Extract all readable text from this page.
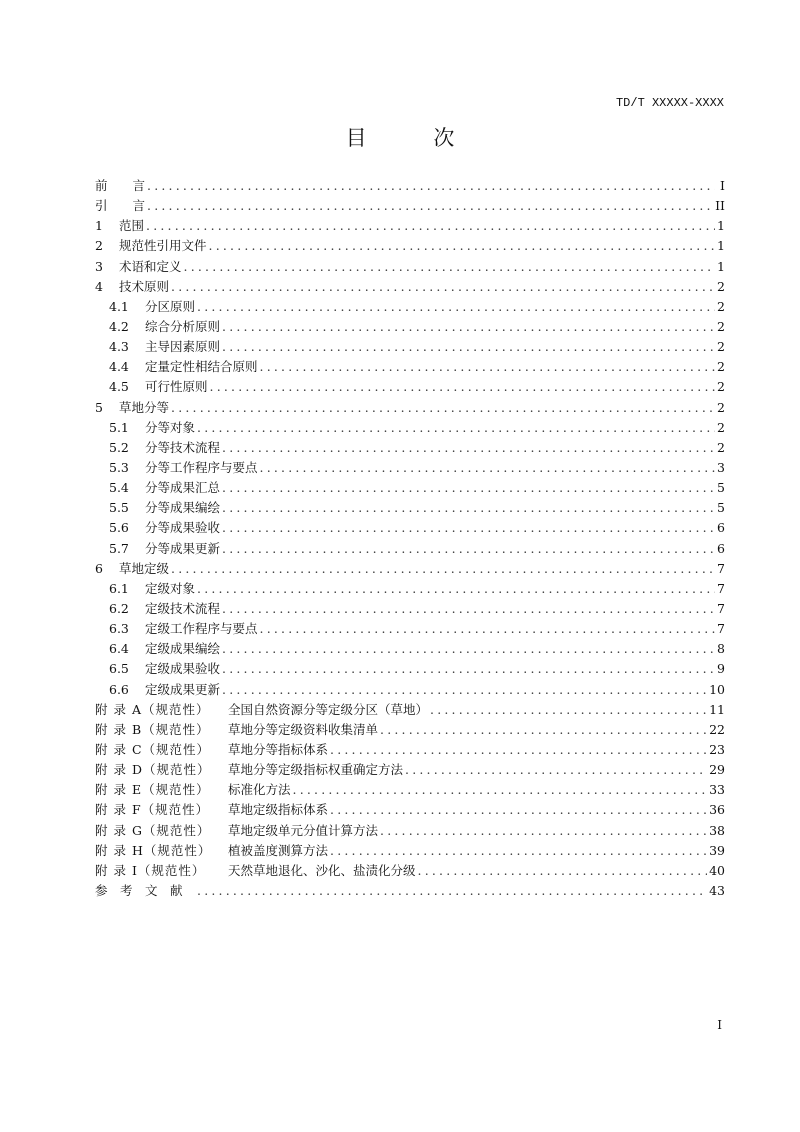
TD/T XXXXX-XXXX
目 次
前　　言 .....	I
引　　言 .....	II
1	范围 .....	1
2	规范性引用文件 .....	1
3	术语和定义 .....	1
4	技术原则 .....	2
4.1	分区原则 .....	2
4.2	综合分析原则 .....	2
4.3	主导因素原则 .....	2
4.4	定量定性相结合原则 .....	2
4.5	可行性原则 .....	2
5	草地分等 .....	2
5.1	分等对象 .....	2
5.2	分等技术流程 .....	2
5.3	分等工作程序与要点 .....	3
5.4	分等成果汇总 .....	5
5.5	分等成果编绘 .....	5
5.6	分等成果验收 .....	6
5.7	分等成果更新 .....	6
6	草地定级 .....	7
6.1	定级对象 .....	7
6.2	定级技术流程 .....	7
6.3	定级工作程序与要点 .....	7
6.4	定级成果编绘 .....	8
6.5	定级成果验收 .....	9
6.6	定级成果更新 .....	10
附 录 A（规范性）	全国自然资源分等定级分区（草地） .....	11
附 录 B（规范性）	草地分等定级资料收集清单 .....	22
附 录 C（规范性）	草地分等指标体系 .....	23
附 录 D（规范性）	草地分等定级指标权重确定方法 .....	29
附 录 E（规范性）	标准化方法 .....	33
附 录 F（规范性）	草地定级指标体系 .....	36
附 录 G（规范性）	草地定级单元分值计算方法 .....	38
附 录 H（规范性）	植被盖度测算方法 .....	39
附 录 I（规范性）	天然草地退化、沙化、盐渍化分级 .....	40
参　考　文　献　 .....	43
I
